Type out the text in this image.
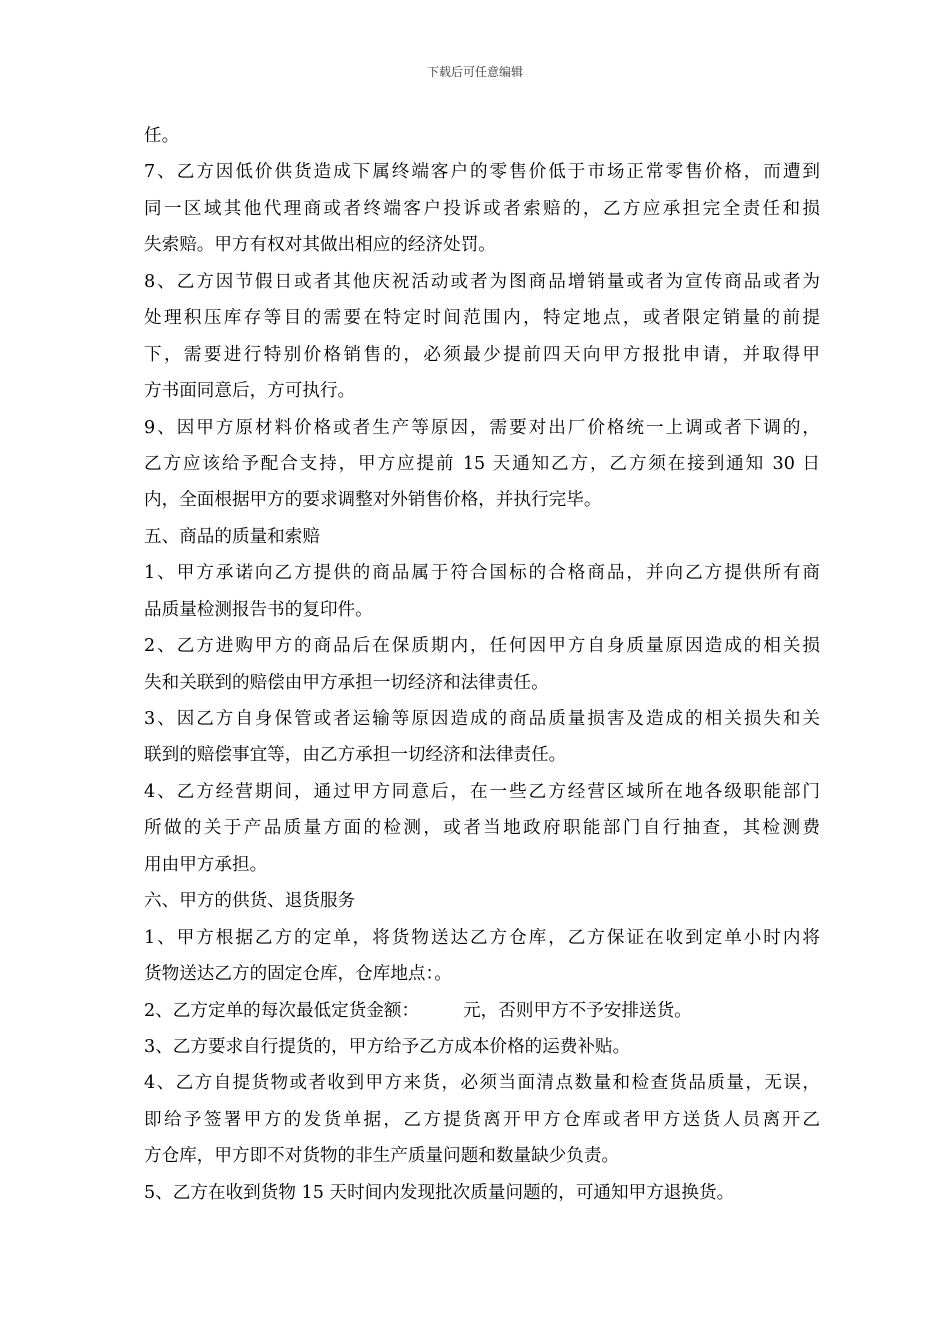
下载后可任意编辑
任。
7、乙方因低价供货造成下属终端客户的零售价低于市场正常零售价格，而遭到
同一区域其他代理商或者终端客户投诉或者索赔的，乙方应承担完全责任和损
失索赔。甲方有权对其做出相应的经济处罚。
8、乙方因节假日或者其他庆祝活动或者为图商品增销量或者为宣传商品或者为
处理积压库存等目的需要在特定时间范围内，特定地点，或者限定销量的前提
下，需要进行特别价格销售的，必须最少提前四天向甲方报批申请，并取得甲
方书面同意后，方可执行。
9、因甲方原材料价格或者生产等原因，需要对出厂价格统一上调或者下调的，
乙方应该给予配合支持，甲方应提前 15 天通知乙方，乙方须在接到通知 30 日
内，全面根据甲方的要求调整对外销售价格，并执行完毕。
五、商品的质量和索赔
1、甲方承诺向乙方提供的商品属于符合国标的合格商品，并向乙方提供所有商
品质量检测报告书的复印件。
2、乙方进购甲方的商品后在保质期内，任何因甲方自身质量原因造成的相关损
失和关联到的赔偿由甲方承担一切经济和法律责任。
3、因乙方自身保管或者运输等原因造成的商品质量损害及造成的相关损失和关
联到的赔偿事宜等，由乙方承担一切经济和法律责任。
4、乙方经营期间，通过甲方同意后，在一些乙方经营区域所在地各级职能部门
所做的关于产品质量方面的检测，或者当地政府职能部门自行抽查，其检测费
用由甲方承担。
六、甲方的供货、退货服务
1、甲方根据乙方的定单，将货物送达乙方仓库，乙方保证在收到定单小时内将
货物送达乙方的固定仓库，仓库地点：。
2、乙方定单的每次最低定货金额：　　　元，否则甲方不予安排送货。
3、乙方要求自行提货的，甲方给予乙方成本价格的运费补贴。
4、乙方自提货物或者收到甲方来货，必须当面清点数量和检查货品质量，无误，
即给予签署甲方的发货单据，乙方提货离开甲方仓库或者甲方送货人员离开乙
方仓库，甲方即不对货物的非生产质量问题和数量缺少负责。
5、乙方在收到货物 15 天时间内发现批次质量问题的，可通知甲方退换货。
